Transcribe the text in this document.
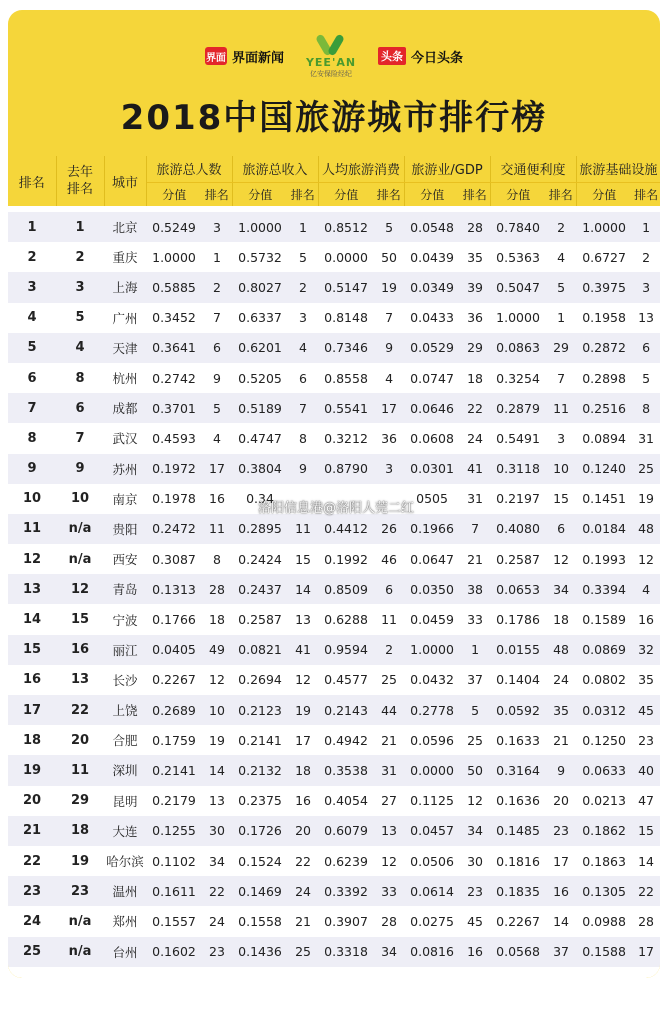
界面 界面新闻 YEE'AN
亿安保险经纪
头条 今日头条
2018中国旅游城市排行榜
排名	去年排名	城市	旅游总人数		旅游总收入		人均旅游消费		旅游业/GDP		交通便利度		旅游基础设施	
			分值	排名	分值	排名	分值	排名	分值	排名	分值	排名	分值	排名

1	1	北京	0.5249	3	1.0000	1	0.8512	5	0.0548	28	0.7840	2	1.0000	1
2	2	重庆	1.0000	1	0.5732	5	0.0000	50	0.0439	35	0.5363	4	0.6727	2
3	3	上海	0.5885	2	0.8027	2	0.5147	19	0.0349	39	0.5047	5	0.3975	3
4	5	广州	0.3452	7	0.6337	3	0.8148	7	0.0433	36	1.0000	1	0.1958	13
5	4	天津	0.3641	6	0.6201	4	0.7346	9	0.0529	29	0.0863	29	0.2872	6
6	8	杭州	0.2742	9	0.5205	6	0.8558	4	0.0747	18	0.3254	7	0.2898	5
7	6	成都	0.3701	5	0.5189	7	0.5541	17	0.0646	22	0.2879	11	0.2516	8
8	7	武汉	0.4593	4	0.4747	8	0.3212	36	0.0608	24	0.5491	3	0.0894	31
9	9	苏州	0.1972	17	0.3804	9	0.8790	3	0.0301	41	0.3118	10	0.1240	25
10	10	南京	0.1978	16	0.34				0505	31	0.2197	15	0.1451	19
11	n/a	贵阳	0.2472	11	0.2895	11	0.4412	26	0.1966	7	0.4080	6	0.0184	48
12	n/a	西安	0.3087	8	0.2424	15	0.1992	46	0.0647	21	0.2587	12	0.1993	12
13	12	青岛	0.1313	28	0.2437	14	0.8509	6	0.0350	38	0.0653	34	0.3394	4
14	15	宁波	0.1766	18	0.2587	13	0.6288	11	0.0459	33	0.1786	18	0.1589	16
15	16	丽江	0.0405	49	0.0821	41	0.9594	2	1.0000	1	0.0155	48	0.0869	32
16	13	长沙	0.2267	12	0.2694	12	0.4577	25	0.0432	37	0.1404	24	0.0802	35
17	22	上饶	0.2689	10	0.2123	19	0.2143	44	0.2778	5	0.0592	35	0.0312	45
18	20	合肥	0.1759	19	0.2141	17	0.4942	21	0.0596	25	0.1633	21	0.1250	23
19	11	深圳	0.2141	14	0.2132	18	0.3538	31	0.0000	50	0.3164	9	0.0633	40
20	29	昆明	0.2179	13	0.2375	16	0.4054	27	0.1125	12	0.1636	20	0.0213	47
21	18	大连	0.1255	30	0.1726	20	0.6079	13	0.0457	34	0.1485	23	0.1862	15
22	19	哈尔滨	0.1102	34	0.1524	22	0.6239	12	0.0506	30	0.1816	17	0.1863	14
23	23	温州	0.1611	22	0.1469	24	0.3392	33	0.0614	23	0.1835	16	0.1305	22
24	n/a	郑州	0.1557	24	0.1558	21	0.3907	28	0.0275	45	0.2267	14	0.0988	28
25	n/a	台州	0.1602	23	0.1436	25	0.3318	34	0.0816	16	0.0568	37	0.1588	17
洛阳信息港@洛阳人莞二红
